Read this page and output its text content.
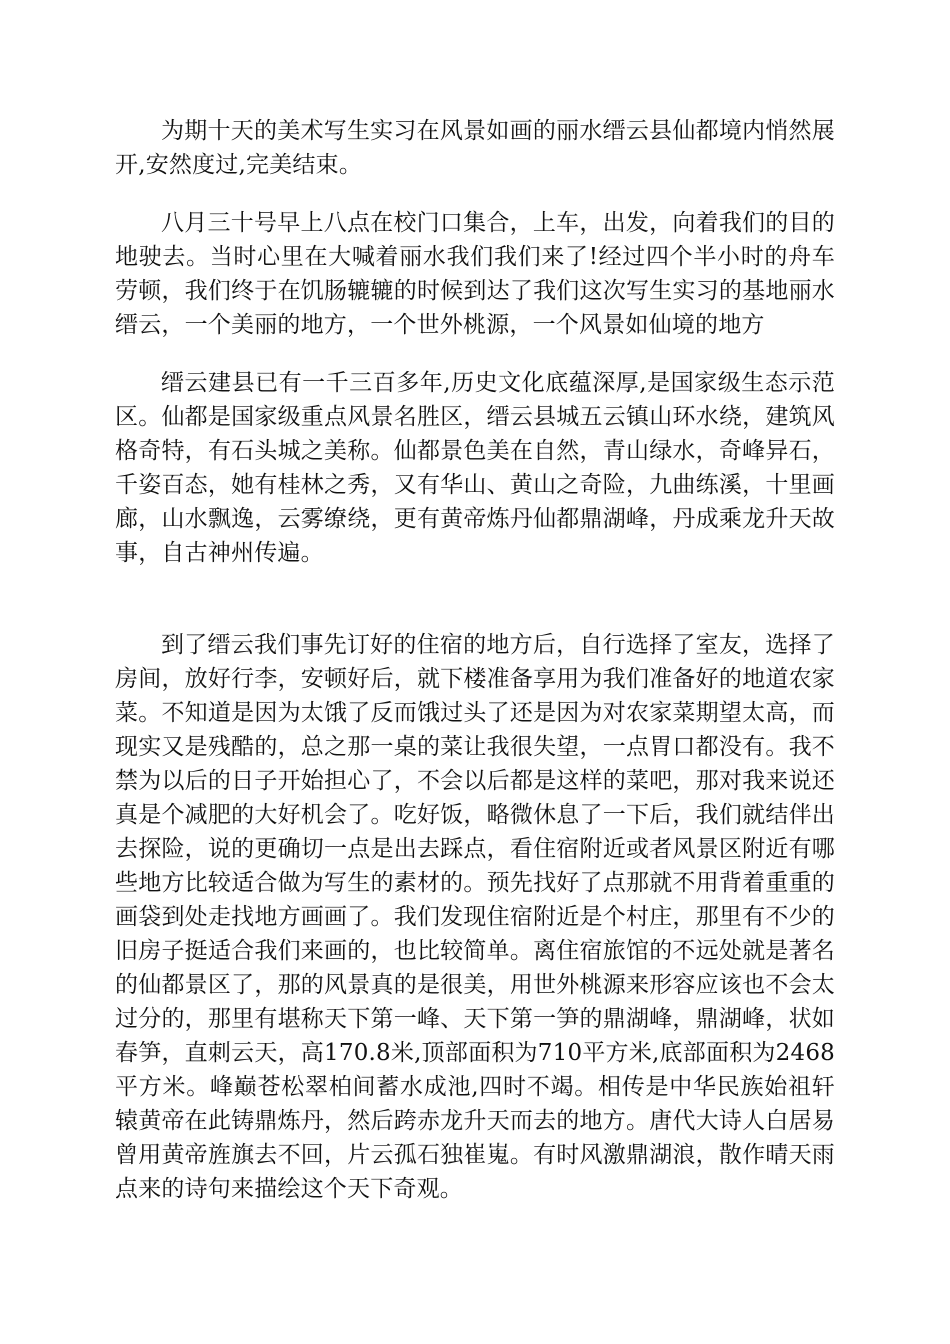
为期十天的美术写生实习在风景如画的丽水缙云县仙都境内悄然展开,安然度过,完美结束。

八月三十号早上八点在校门口集合，上车，出发，向着我们的目的地驶去。当时心里在大喊着丽水我们我们来了!经过四个半小时的舟车劳顿，我们终于在饥肠辘辘的时候到达了我们这次写生实习的基地丽水缙云，一个美丽的地方，一个世外桃源，一个风景如仙境的地方

缙云建县已有一千三百多年,历史文化底蕴深厚,是国家级生态示范区。仙都是国家级重点风景名胜区，缙云县城五云镇山环水绕，建筑风格奇特，有石头城之美称。仙都景色美在自然，青山绿水，奇峰异石，千姿百态，她有桂林之秀，又有华山、黄山之奇险，九曲练溪，十里画廊，山水飘逸，云雾缭绕，更有黄帝炼丹仙都鼎湖峰，丹成乘龙升天故事，自古神州传遍。

到了缙云我们事先订好的住宿的地方后，自行选择了室友，选择了房间，放好行李，安顿好后，就下楼准备享用为我们准备好的地道农家菜。不知道是因为太饿了反而饿过头了还是因为对农家菜期望太高，而现实又是残酷的，总之那一桌的菜让我很失望，一点胃口都没有。我不禁为以后的日子开始担心了，不会以后都是这样的菜吧，那对我来说还真是个减肥的大好机会了。吃好饭，略微休息了一下后，我们就结伴出去探险，说的更确切一点是出去踩点，看住宿附近或者风景区附近有哪些地方比较适合做为写生的素材的。预先找好了点那就不用背着重重的画袋到处走找地方画画了。我们发现住宿附近是个村庄，那里有不少的旧房子挺适合我们来画的，也比较简单。离住宿旅馆的不远处就是著名的仙都景区了，那的风景真的是很美，用世外桃源来形容应该也不会太过分的，那里有堪称天下第一峰、天下第一笋的鼎湖峰，鼎湖峰，状如春笋，直刺云天，高170.8米,顶部面积为710平方米,底部面积为2468平方米。峰巅苍松翠柏间蓄水成池,四时不竭。相传是中华民族始祖轩辕黄帝在此铸鼎炼丹，然后跨赤龙升天而去的地方。唐代大诗人白居易曾用黄帝旌旗去不回，片云孤石独崔嵬。有时风激鼎湖浪，散作晴天雨点来的诗句来描绘这个天下奇观。
